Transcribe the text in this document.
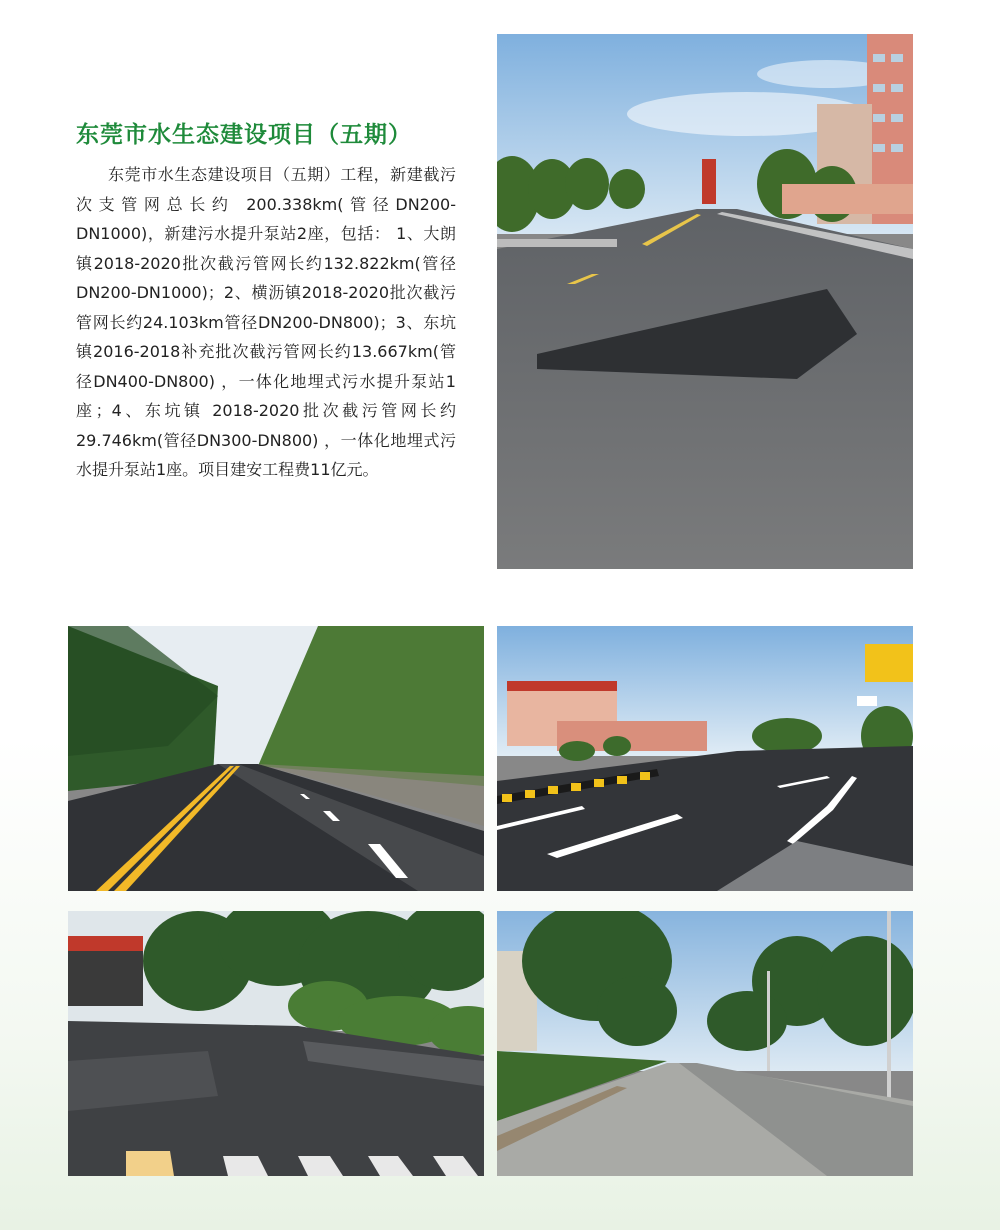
东莞市水生态建设项目（五期）

东莞市水生态建设项目（五期）工程，新建截污次支管网总长约 200.338km(管径DN200-DN1000)，新建污水提升泵站2座，包括： 1、大朗镇2018-2020批次截污管网长约132.822km(管径DN200-DN1000)；2、横沥镇2018-2020批次截污管网长约24.103km管径DN200-DN800)；3、东坑镇2016-2018补充批次截污管网长约13.667km(管径DN400-DN800) ，一体化地埋式污水提升泵站1座；4、东坑镇 2018-2020批次截污管网长约29.746km(管径DN300-DN800) ，一体化地埋式污水提升泵站1座。项目建安工程费11亿元。
